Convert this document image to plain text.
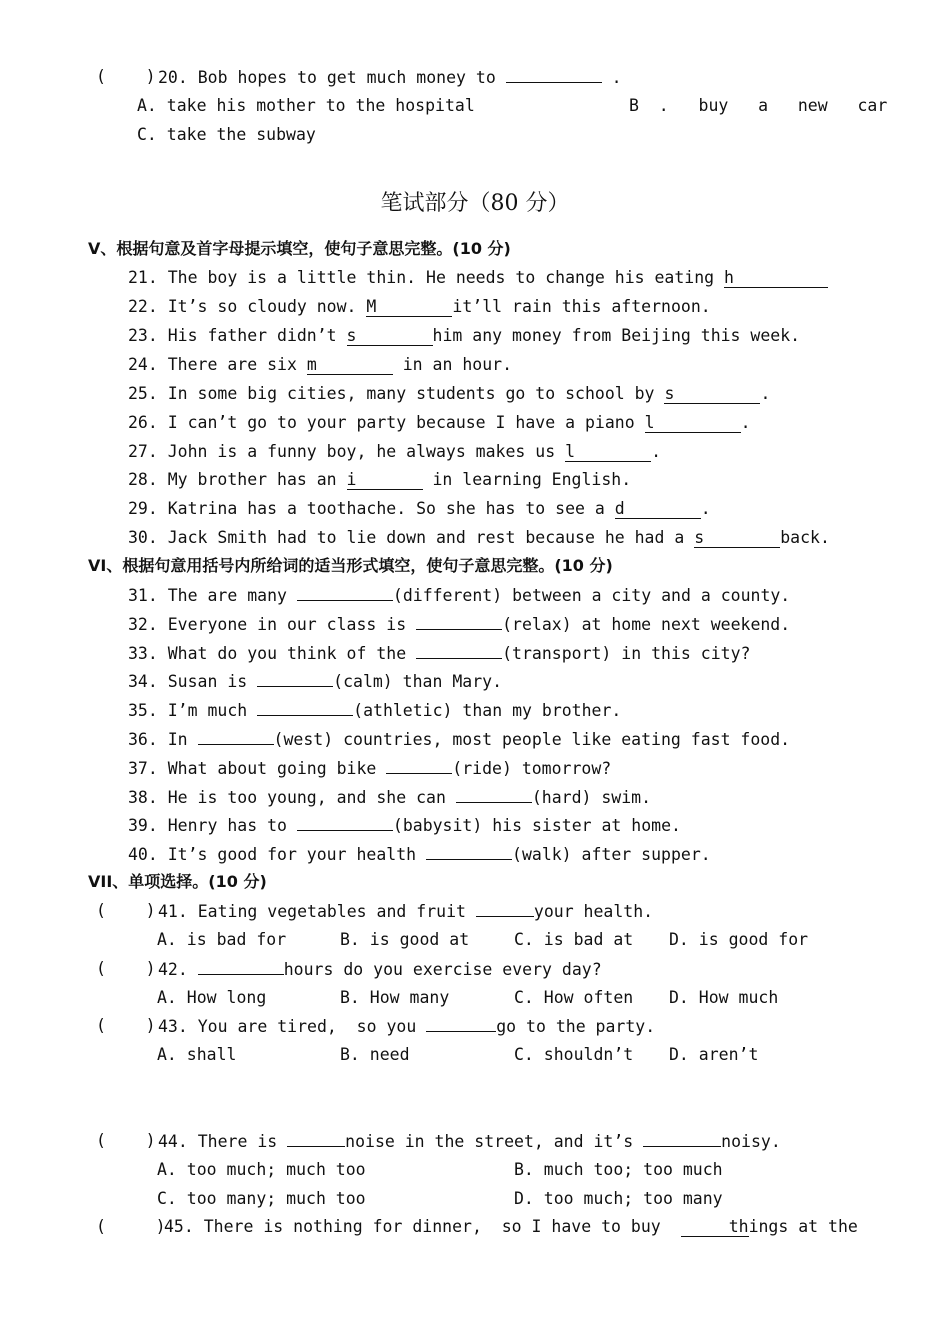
(    ) 20. Bob hopes to get much money to	.
A. take his mother to the hospital	B  .   buy   a   new   car
C. take the subway
笔试部分（80 分）
V、根据句意及首字母提示填空，使句子意思完整。(10 分)
21. The boy is a little thin. He needs to change his eating h
22. It’s so cloudy now. M	it’ll rain this afternoon.
23. His father didn’t s	him any money from Beijing this week.
24. There are six m	in an hour.
25. In some big cities, many students go to school by s	.
26. I can’t go to your party because I have a piano l	.
27. John is a funny boy, he always makes us l	.
28. My brother has an i	in learning English.
29. Katrina has a toothache. So she has to see a d	.
30. Jack Smith had to lie down and rest because he had a s	back.
VI、根据句意用括号内所给词的适当形式填空，使句子意思完整。(10 分)
31. The are many	(different) between a city and a county.
32. Everyone in our class is	(relax) at home next weekend.
33. What do you think of the	(transport) in this city?
34. Susan is	(calm) than Mary.
35. I’m much	(athletic) than my brother.
36. In	(west) countries, most people like eating fast food.
37. What about going bike	(ride) tomorrow?
38. He is too young, and she can	(hard) swim.
39. Henry has to	(babysit) his sister at home.
40. It’s good for your health	(walk) after supper.
VII、单项选择。(10 分)
(    ) 41. Eating vegetables and fruit	your health.
A. is bad for	B. is good at	C. is bad at D. is good for
(    ) 42.	hours do you exercise every day?
A. How long	B. How many	C. How often D. How much
(    ) 43. You are tired,  so you	go to the party.
A. shall	B. need	C. shouldn’t D. aren’t
(    ) 44. There is	noise in the street, and it’s	noisy.
A. too much; much too	B. much too; too much
C. too many; much too	D. too much; too many
(     )
45. There is nothing for dinner,  so I have to buy	things at the
